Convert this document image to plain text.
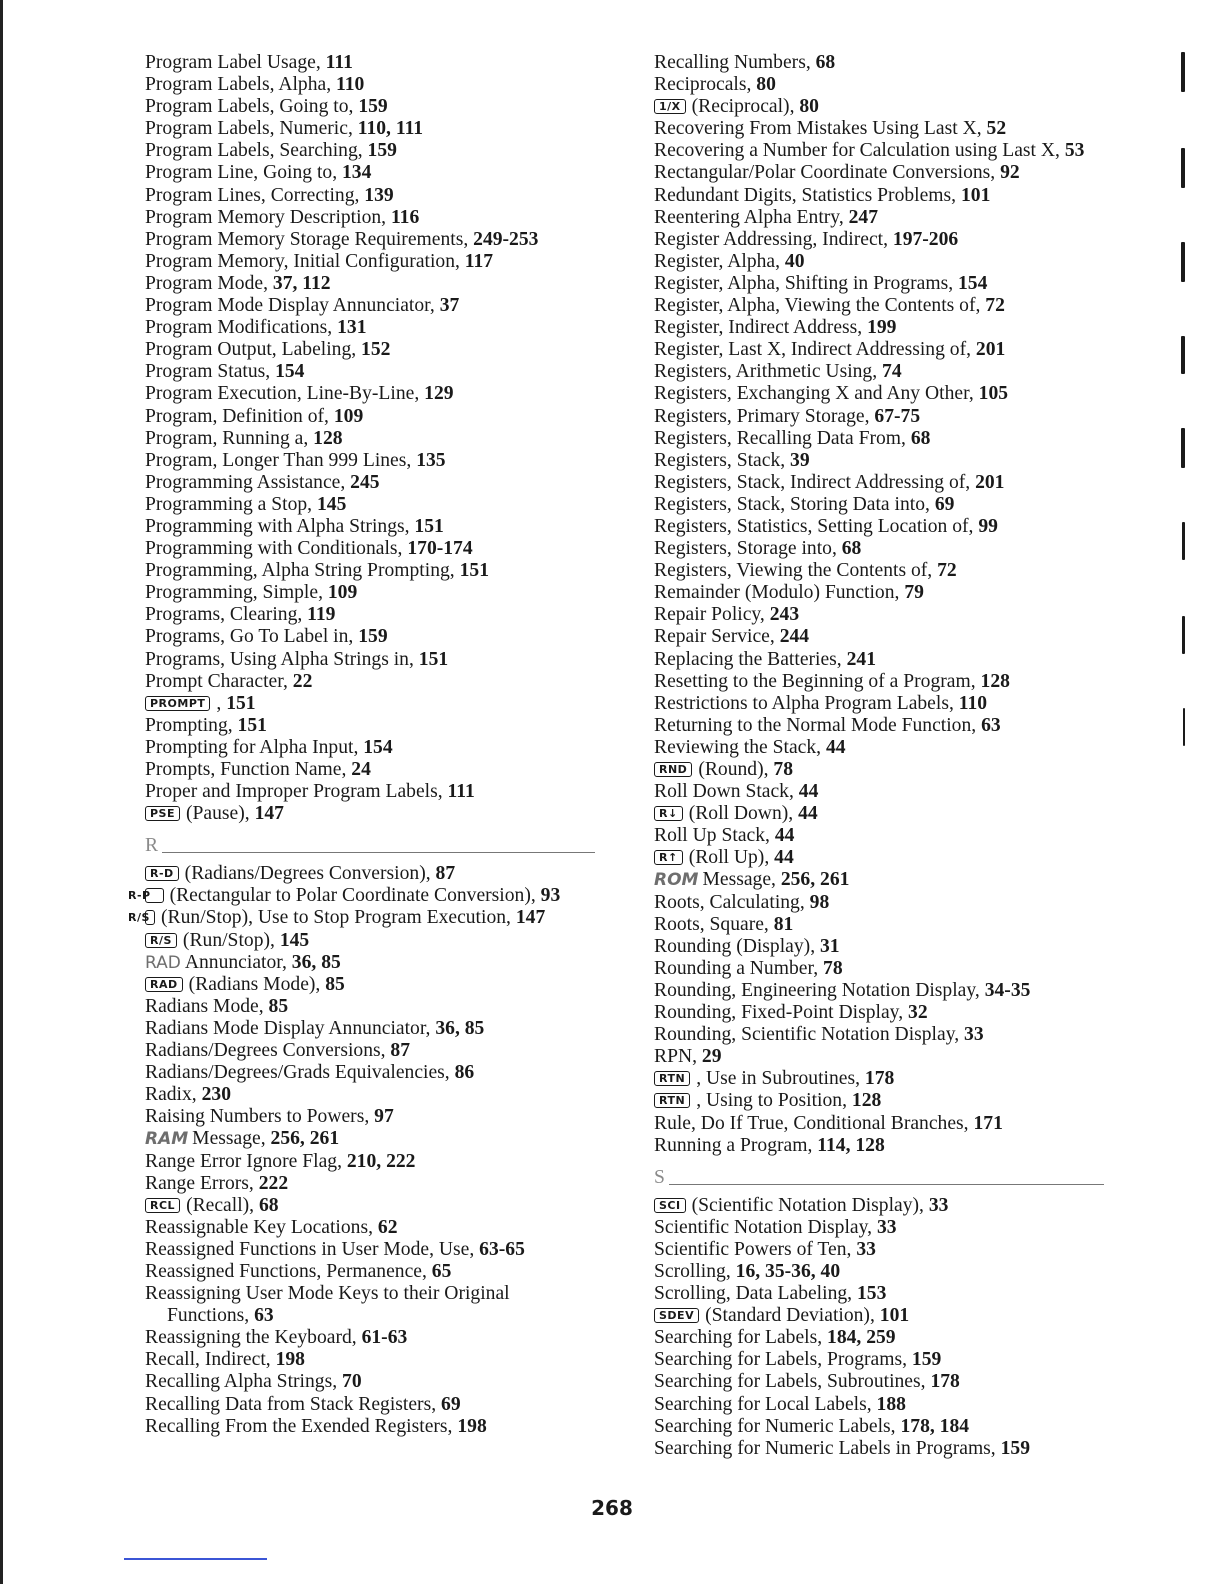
Program Label Usage, 111
Program Labels, Alpha, 110
Program Labels, Going to, 159
Program Labels, Numeric, 110, 111
Program Labels, Searching, 159
Program Line, Going to, 134
Program Lines, Correcting, 139
Program Memory Description, 116
Program Memory Storage Requirements, 249-253
Program Memory, Initial Configuration, 117
Program Mode, 37, 112
Program Mode Display Annunciator, 37
Program Modifications, 131
Program Output, Labeling, 152
Program Status, 154
Program Execution, Line-By-Line, 129
Program, Definition of, 109
Program, Running a, 128
Program, Longer Than 999 Lines, 135
Programming Assistance, 245
Programming a Stop, 145
Programming with Alpha Strings, 151
Programming with Conditionals, 170-174
Programming, Alpha String Prompting, 151
Programming, Simple, 109
Programs, Clearing, 119
Programs, Go To Label in, 159
Programs, Using Alpha Strings in, 151
Prompt Character, 22
PROMPT , 151
Prompting, 151
Prompting for Alpha Input, 154
Prompts, Function Name, 24
Proper and Improper Program Labels, 111
PSE (Pause), 147
R
R-D (Radians/Degrees Conversion), 87
R-P (Rectangular to Polar Coordinate Conversion), 93
R/S (Run/Stop), Use to Stop Program Execution, 147
R/S (Run/Stop), 145
RAD Annunciator, 36, 85
RAD (Radians Mode), 85
Radians Mode, 85
Radians Mode Display Annunciator, 36, 85
Radians/Degrees Conversions, 87
Radians/Degrees/Grads Equivalencies, 86
Radix, 230
Raising Numbers to Powers, 97
RAM Message, 256, 261
Range Error Ignore Flag, 210, 222
Range Errors, 222
RCL (Recall), 68
Reassignable Key Locations, 62
Reassigned Functions in User Mode, Use, 63-65
Reassigned Functions, Permanence, 65
Reassigning User Mode Keys to their Original Functions, 63
Reassigning the Keyboard, 61-63
Recall, Indirect, 198
Recalling Alpha Strings, 70
Recalling Data from Stack Registers, 69
Recalling From the Exended Registers, 198
Recalling Numbers, 68
Reciprocals, 80
1/X (Reciprocal), 80
Recovering From Mistakes Using Last X, 52
Recovering a Number for Calculation using Last X, 53
Rectangular/Polar Coordinate Conversions, 92
Redundant Digits, Statistics Problems, 101
Reentering Alpha Entry, 247
Register Addressing, Indirect, 197-206
Register, Alpha, 40
Register, Alpha, Shifting in Programs, 154
Register, Alpha, Viewing the Contents of, 72
Register, Indirect Address, 199
Register, Last X, Indirect Addressing of, 201
Registers, Arithmetic Using, 74
Registers, Exchanging X and Any Other, 105
Registers, Primary Storage, 67-75
Registers, Recalling Data From, 68
Registers, Stack, 39
Registers, Stack, Indirect Addressing of, 201
Registers, Stack, Storing Data into, 69
Registers, Statistics, Setting Location of, 99
Registers, Storage into, 68
Registers, Viewing the Contents of, 72
Remainder (Modulo) Function, 79
Repair Policy, 243
Repair Service, 244
Replacing the Batteries, 241
Resetting to the Beginning of a Program, 128
Restrictions to Alpha Program Labels, 110
Returning to the Normal Mode Function, 63
Reviewing the Stack, 44
RND (Round), 78
Roll Down Stack, 44
R↓ (Roll Down), 44
Roll Up Stack, 44
R↑ (Roll Up), 44
ROM Message, 256, 261
Roots, Calculating, 98
Roots, Square, 81
Rounding (Display), 31
Rounding a Number, 78
Rounding, Engineering Notation Display, 34-35
Rounding, Fixed-Point Display, 32
Rounding, Scientific Notation Display, 33
RPN, 29
RTN , Use in Subroutines, 178
RTN , Using to Position, 128
Rule, Do If True, Conditional Branches, 171
Running a Program, 114, 128
S
SCI (Scientific Notation Display), 33
Scientific Notation Display, 33
Scientific Powers of Ten, 33
Scrolling, 16, 35-36, 40
Scrolling, Data Labeling, 153
SDEV (Standard Deviation), 101
Searching for Labels, 184, 259
Searching for Labels, Programs, 159
Searching for Labels, Subroutines, 178
Searching for Local Labels, 188
Searching for Numeric Labels, 178, 184
Searching for Numeric Labels in Programs, 159
268
